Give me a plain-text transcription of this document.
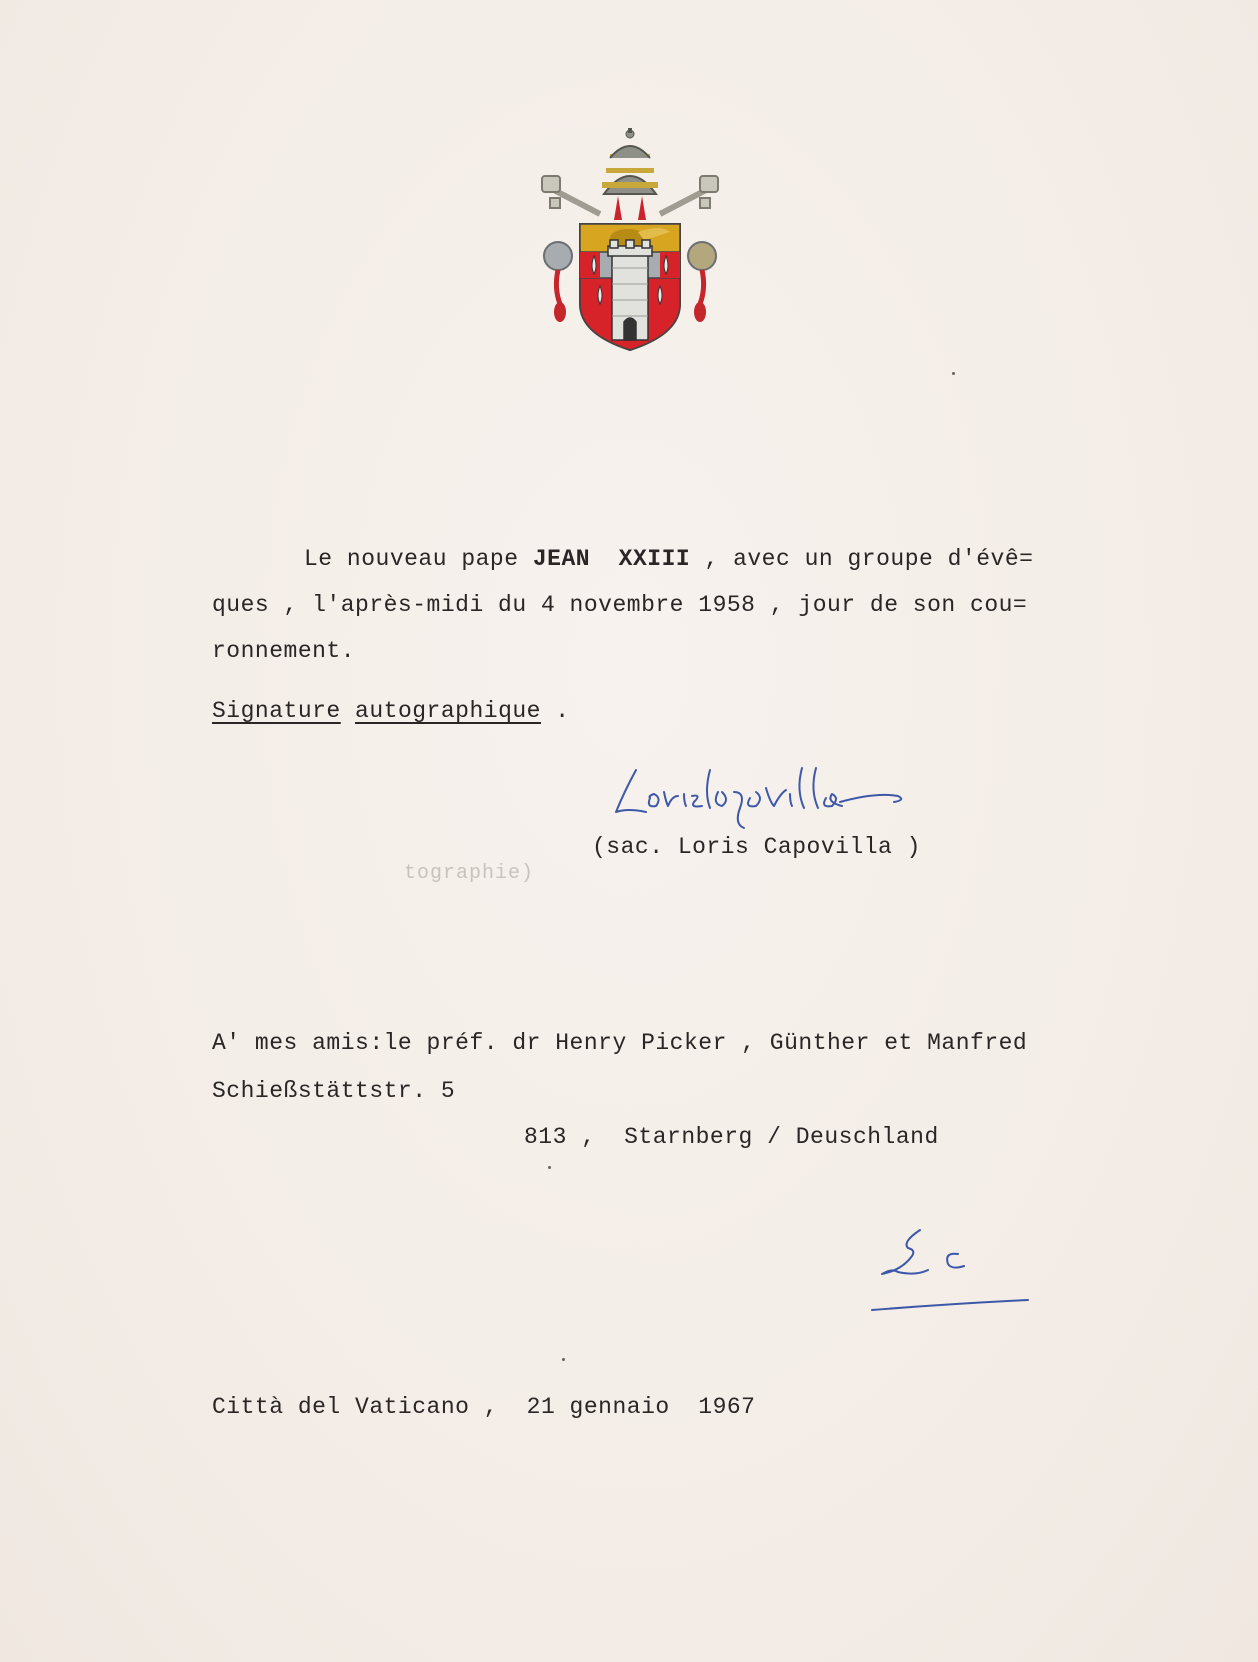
Le nouveau pape JEAN  XXIII , avec un groupe d'évê=
ques , l'après-midi du 4 novembre 1958 , jour de son cou=
ronnement.
Signature autographique .
(sac. Loris Capovilla )
tographie)
A' mes amis:le préf. dr Henry Picker , Günther et Manfred
Schießstättstr. 5
813 ,  Starnberg / Deuschland
Città del Vaticano ,  21 gennaio  1967
